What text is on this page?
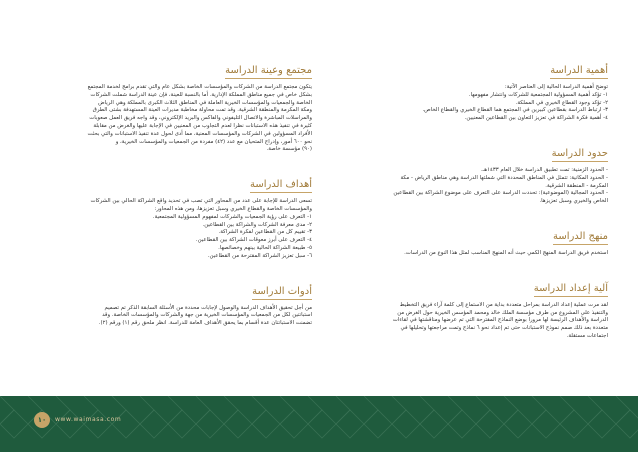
أهمية الدراسة
توضح أهمية الدراسة الحالية إلى العناصر الآتية:
١- تؤكد أهمية المسؤولية المجتمعية للشركات وانتشار مفهومها.
٢- تؤكد وجود القطاع الخيري في المملكة.
٣- ارتباط الدراسة بقطاعين كبيرين في المجتمع هما القطاع الخيري والقطاع الخاص.
٤- أهمية فكرة الشراكة في تعزيز التعاون بين القطاعين المعنيين.
حدود الدراسة
- الحدود الزمنية: تمت تطبيق الدراسة خلال العام ١٤٣٣هـ.
- الحدود المكانية: تتمثل في المناطق المحددة التي شملتها الدراسة وهي مناطق الرياض - مكة
المكرمة - المنطقة الشرقية.
- الحدود المجالية (الموضوعية): تحددت الدراسة على التعرف على موضوع الشراكة بين القطاعين
الخاص والخيري وسبل تعزيزها.
منهج الدراسة
استخدم فريق الدراسة المنهج الكمي حيث أنه المنهج المناسب لمثل هذا النوع من الدراسات.
آلية إعداد الدراسة
لقد مرت عملية إعداد الدراسة بمراحل متعددة بداية من الاستماع إلى كلمة آراء فريق التخطيط
والتنفيذ على المشروع من طرف مؤسسة الملك خالد ومحمد المؤسس الخيرية حول الغرض من
الدراسة والأهداف الرئيسة لها مرورا بوضع النماذج المقترحة التي تم عرضها ومناقشتها في لقاءات
متعددة بعد ذلك صمم نموذج الاستبانات حتى تم إعداد نحو ٦ نماذج وتمت مراجعتها وتحليلها في
اجتماعات مستقلة.
مجتمع وعينة الدراسة
يتكون مجتمع الدراسة من الشركات والمؤسسات الخاصة بشكل عام والتي تقدم برامج لخدمة المجتمع
بشكل خاص في جميع مناطق المملكة الإدارية. أما بالنسبة للعينة، فإن عينة الدراسة شملت الشركات
الخاصة والجمعيات والمؤسسات الخيرية العاملة في المناطق الثلاث الكبرى بالمملكة وهي الرياض
ومكة المكرمة والمنطقة الشرقية. وقد تمت محاولة مخاطبة مديرات العينة المستهدفة بشتى الطرق
والمراسلات المباشرة والاتصال التليفوني والفاكس والبريد الإلكتروني، وقد واجه فريق العمل صعوبات
كثيرة في تنفيذ هذه الاستبانات نظرا لعدم التجاوب من المعنيين في الإجابة عليها والغرض من مقابلة
الأفراد المسؤولين في الشركات والمؤسسات المعنية، مما أدى لحول عدة تنفيذ الاستبانات والتي بحثت
نحو ٦٠٠ أمور، وإدراج المتحيان مع عدد (٤٢) مفردة من الجمعيات والمؤسسات الخيرية، و
(٩٠) مؤسسة خاصة.
أهداف الدراسة
تسعى الدراسة للإجابة على عدد من المحاور التي تصب في تحديد واقع الشراكة الحالي بين الشركات
والمؤسسات الخاصة والقطاع الخيري وسبل تعزيزها، ومن هذه المحاور:
١- التعرف على رؤية الجمعيات والشركات لمفهوم المسؤولية المجتمعية.
٢- مدى معرفة الشركات والشراكة بين القطاعين.
٣- تقييم كل من القطاعين لفكرة الشراكة.
٤- التعرف على أبرز معوقات الشراكة بين القطاعين.
٥- طبيعة الشراكة الحالية بينهم وخصائصها.
٦- سبل تعزيز الشراكة المقترحة من القطاعين.
أدوات الدراسة
من أجل تحقيق الأهداف الدراسة والوصول لإجابات محددة من الأسئلة السابقة الذكر تم تصميم
استبانتين لكل من الجمعيات والمؤسسات الخيرية من جهة والشركات والمؤسسات الخاصة. وقد
تضمنت الاستبانتان عدة أقسام بما يحقق الأهداف العامة للدراسة. انظر ملحق رقم (١) ورقم (٢).
١٠	www.waimasa.com
